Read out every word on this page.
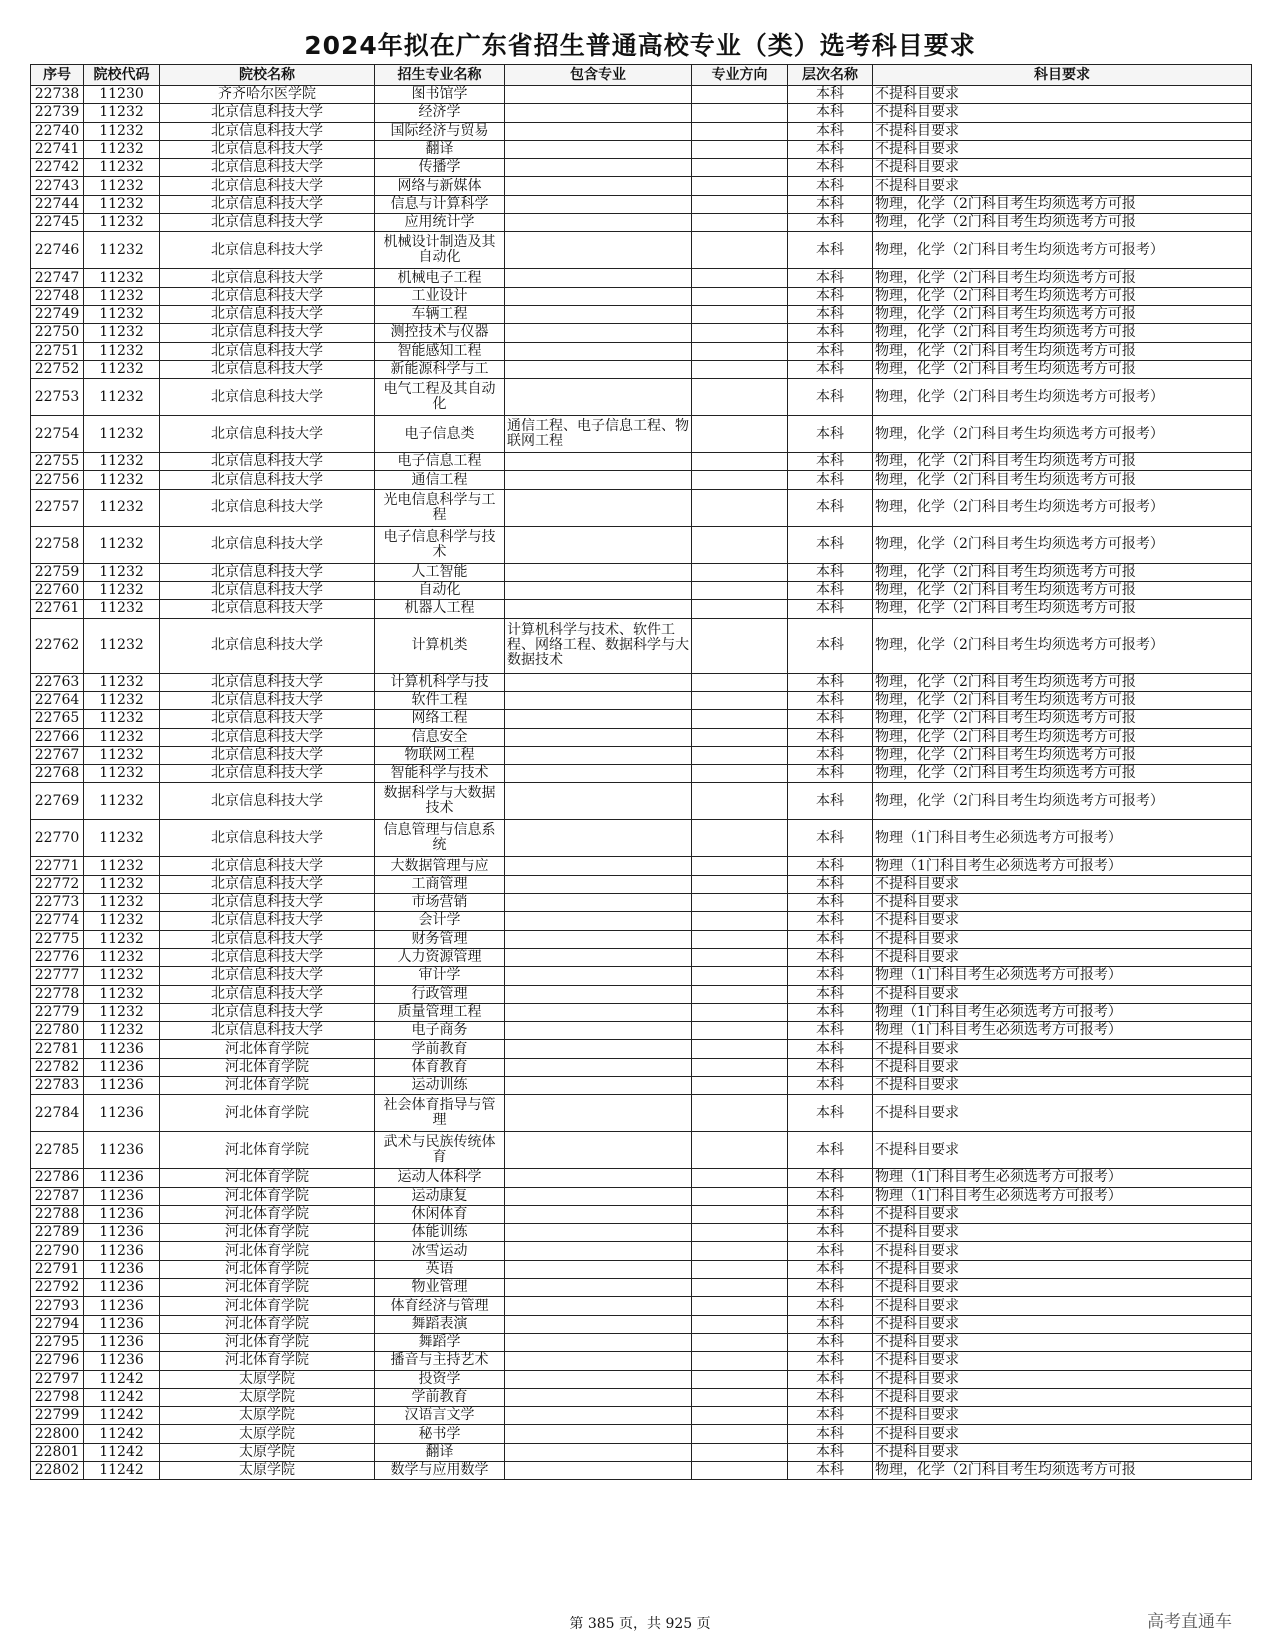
2024年拟在广东省招生普通高校专业（类）选考科目要求
序号	院校代码	院校名称	招生专业名称	包含专业	专业方向	层次名称	科目要求
22738	11230	齐齐哈尔医学院	图书馆学			本科	不提科目要求
22739	11232	北京信息科技大学	经济学			本科	不提科目要求
22740	11232	北京信息科技大学	国际经济与贸易			本科	不提科目要求
22741	11232	北京信息科技大学	翻译			本科	不提科目要求
22742	11232	北京信息科技大学	传播学			本科	不提科目要求
22743	11232	北京信息科技大学	网络与新媒体			本科	不提科目要求
22744	11232	北京信息科技大学	信息与计算科学			本科	物理，化学（2门科目考生均须选考方可报
22745	11232	北京信息科技大学	应用统计学			本科	物理，化学（2门科目考生均须选考方可报
22746	11232	北京信息科技大学	机械设计制造及其自动化			本科	物理，化学（2门科目考生均须选考方可报考）
22747	11232	北京信息科技大学	机械电子工程			本科	物理，化学（2门科目考生均须选考方可报
22748	11232	北京信息科技大学	工业设计			本科	物理，化学（2门科目考生均须选考方可报
22749	11232	北京信息科技大学	车辆工程			本科	物理，化学（2门科目考生均须选考方可报
22750	11232	北京信息科技大学	测控技术与仪器			本科	物理，化学（2门科目考生均须选考方可报
22751	11232	北京信息科技大学	智能感知工程			本科	物理，化学（2门科目考生均须选考方可报
22752	11232	北京信息科技大学	新能源科学与工			本科	物理，化学（2门科目考生均须选考方可报
22753	11232	北京信息科技大学	电气工程及其自动化			本科	物理，化学（2门科目考生均须选考方可报考）
22754	11232	北京信息科技大学	电子信息类	通信工程、电子信息工程、物联网工程		本科	物理，化学（2门科目考生均须选考方可报考）
22755	11232	北京信息科技大学	电子信息工程			本科	物理，化学（2门科目考生均须选考方可报
22756	11232	北京信息科技大学	通信工程			本科	物理，化学（2门科目考生均须选考方可报
22757	11232	北京信息科技大学	光电信息科学与工程			本科	物理，化学（2门科目考生均须选考方可报考）
22758	11232	北京信息科技大学	电子信息科学与技术			本科	物理，化学（2门科目考生均须选考方可报考）
22759	11232	北京信息科技大学	人工智能			本科	物理，化学（2门科目考生均须选考方可报
22760	11232	北京信息科技大学	自动化			本科	物理，化学（2门科目考生均须选考方可报
22761	11232	北京信息科技大学	机器人工程			本科	物理，化学（2门科目考生均须选考方可报
22762	11232	北京信息科技大学	计算机类	计算机科学与技术、软件工程、网络工程、数据科学与大数据技术		本科	物理，化学（2门科目考生均须选考方可报考）
22763	11232	北京信息科技大学	计算机科学与技			本科	物理，化学（2门科目考生均须选考方可报
22764	11232	北京信息科技大学	软件工程			本科	物理，化学（2门科目考生均须选考方可报
22765	11232	北京信息科技大学	网络工程			本科	物理，化学（2门科目考生均须选考方可报
22766	11232	北京信息科技大学	信息安全			本科	物理，化学（2门科目考生均须选考方可报
22767	11232	北京信息科技大学	物联网工程			本科	物理，化学（2门科目考生均须选考方可报
22768	11232	北京信息科技大学	智能科学与技术			本科	物理，化学（2门科目考生均须选考方可报
22769	11232	北京信息科技大学	数据科学与大数据技术			本科	物理，化学（2门科目考生均须选考方可报考）
22770	11232	北京信息科技大学	信息管理与信息系统			本科	物理（1门科目考生必须选考方可报考）
22771	11232	北京信息科技大学	大数据管理与应			本科	物理（1门科目考生必须选考方可报考）
22772	11232	北京信息科技大学	工商管理			本科	不提科目要求
22773	11232	北京信息科技大学	市场营销			本科	不提科目要求
22774	11232	北京信息科技大学	会计学			本科	不提科目要求
22775	11232	北京信息科技大学	财务管理			本科	不提科目要求
22776	11232	北京信息科技大学	人力资源管理			本科	不提科目要求
22777	11232	北京信息科技大学	审计学			本科	物理（1门科目考生必须选考方可报考）
22778	11232	北京信息科技大学	行政管理			本科	不提科目要求
22779	11232	北京信息科技大学	质量管理工程			本科	物理（1门科目考生必须选考方可报考）
22780	11232	北京信息科技大学	电子商务			本科	物理（1门科目考生必须选考方可报考）
22781	11236	河北体育学院	学前教育			本科	不提科目要求
22782	11236	河北体育学院	体育教育			本科	不提科目要求
22783	11236	河北体育学院	运动训练			本科	不提科目要求
22784	11236	河北体育学院	社会体育指导与管理			本科	不提科目要求
22785	11236	河北体育学院	武术与民族传统体育			本科	不提科目要求
22786	11236	河北体育学院	运动人体科学			本科	物理（1门科目考生必须选考方可报考）
22787	11236	河北体育学院	运动康复			本科	物理（1门科目考生必须选考方可报考）
22788	11236	河北体育学院	休闲体育			本科	不提科目要求
22789	11236	河北体育学院	体能训练			本科	不提科目要求
22790	11236	河北体育学院	冰雪运动			本科	不提科目要求
22791	11236	河北体育学院	英语			本科	不提科目要求
22792	11236	河北体育学院	物业管理			本科	不提科目要求
22793	11236	河北体育学院	体育经济与管理			本科	不提科目要求
22794	11236	河北体育学院	舞蹈表演			本科	不提科目要求
22795	11236	河北体育学院	舞蹈学			本科	不提科目要求
22796	11236	河北体育学院	播音与主持艺术			本科	不提科目要求
22797	11242	太原学院	投资学			本科	不提科目要求
22798	11242	太原学院	学前教育			本科	不提科目要求
22799	11242	太原学院	汉语言文学			本科	不提科目要求
22800	11242	太原学院	秘书学			本科	不提科目要求
22801	11242	太原学院	翻译			本科	不提科目要求
22802	11242	太原学院	数学与应用数学			本科	物理，化学（2门科目考生均须选考方可报
第 385 页，共 925 页	高考直通车
